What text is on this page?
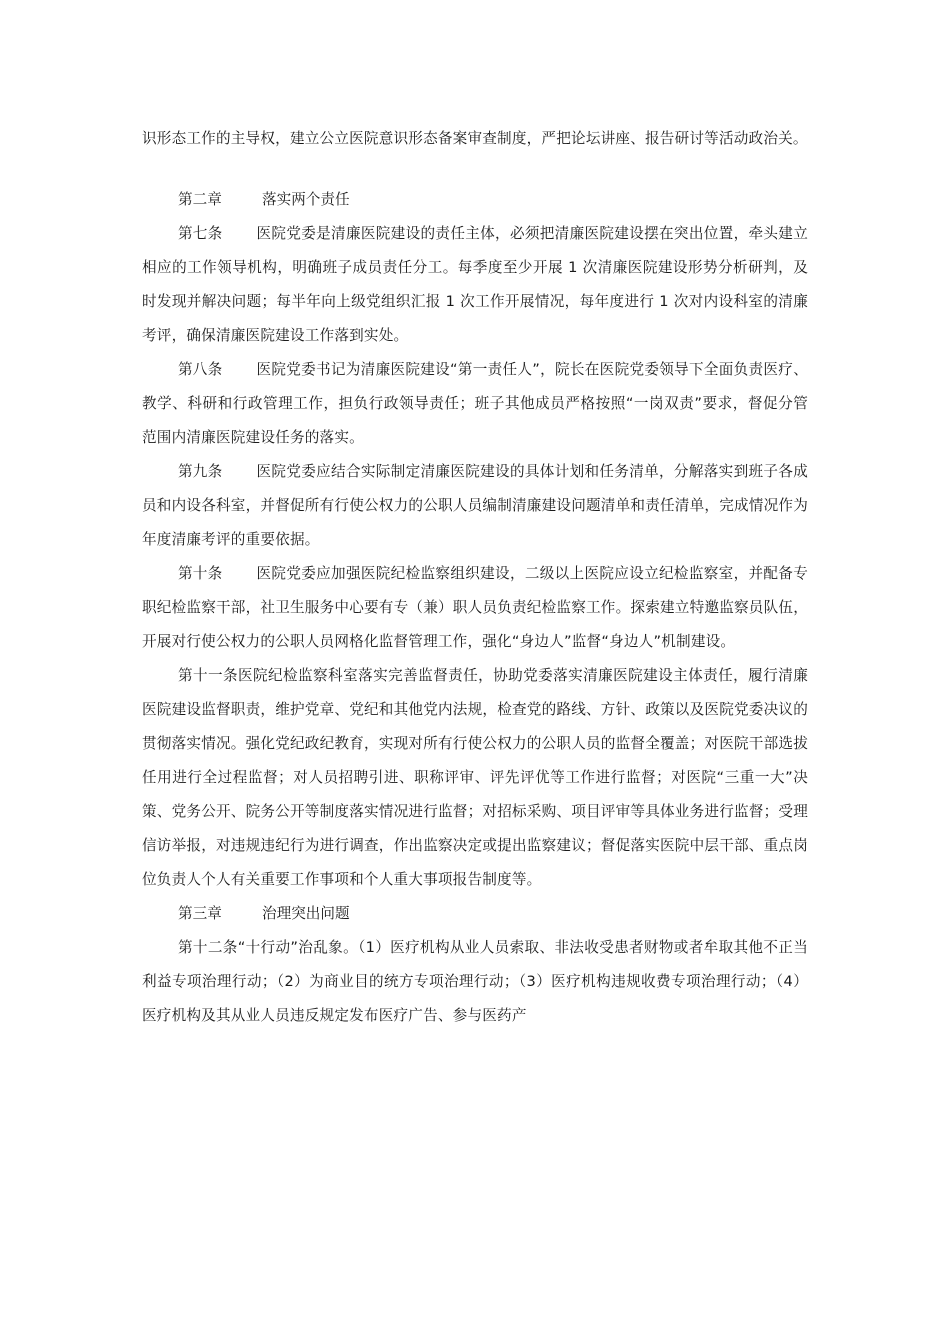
识形态工作的主导权，建立公立医院意识形态备案审查制度，严把论坛讲座、报告研讨等活动政治关。

第二章	落实两个责任

第七条 医院党委是清廉医院建设的责任主体，必须把清廉医院建设摆在突出位置，牵头建立相应的工作领导机构，明确班子成员责任分工。每季度至少开展 1 次清廉医院建设形势分析研判，及时发现并解决问题；每半年向上级党组织汇报 1 次工作开展情况，每年度进行 1 次对内设科室的清廉考评，确保清廉医院建设工作落到实处。

第八条 医院党委书记为清廉医院建设“第一责任人”，院长在医院党委领导下全面负责医疗、教学、科研和行政管理工作，担负行政领导责任；班子其他成员严格按照“一岗双责”要求，督促分管范围内清廉医院建设任务的落实。

第九条 医院党委应结合实际制定清廉医院建设的具体计划和任务清单，分解落实到班子各成员和内设各科室，并督促所有行使公权力的公职人员编制清廉建设问题清单和责任清单，完成情况作为年度清廉考评的重要依据。

第十条 医院党委应加强医院纪检监察组织建设，二级以上医院应设立纪检监察室，并配备专职纪检监察干部，社卫生服务中心要有专（兼）职人员负责纪检监察工作。探索建立特邀监察员队伍，开展对行使公权力的公职人员网格化监督管理工作，强化“身边人”监督“身边人”机制建设。

第十一条医院纪检监察科室落实完善监督责任，协助党委落实清廉医院建设主体责任，履行清廉医院建设监督职责，维护党章、党纪和其他党内法规，检查党的路线、方针、政策以及医院党委决议的贯彻落实情况。强化党纪政纪教育，实现对所有行使公权力的公职人员的监督全覆盖；对医院干部选拔任用进行全过程监督；对人员招聘引进、职称评审、评先评优等工作进行监督；对医院“三重一大”决策、党务公开、院务公开等制度落实情况进行监督；对招标采购、项目评审等具体业务进行监督；受理信访举报，对违规违纪行为进行调查，作出监察决定或提出监察建议；督促落实医院中层干部、重点岗位负责人个人有关重要工作事项和个人重大事项报告制度等。

第三章	治理突出问题

第十二条“十行动”治乱象。（1）医疗机构从业人员索取、非法收受患者财物或者牟取其他不正当利益专项治理行动；（2）为商业目的统方专项治理行动；（3）医疗机构违规收费专项治理行动；（4）医疗机构及其从业人员违反规定发布医疗广告、参与医药产
